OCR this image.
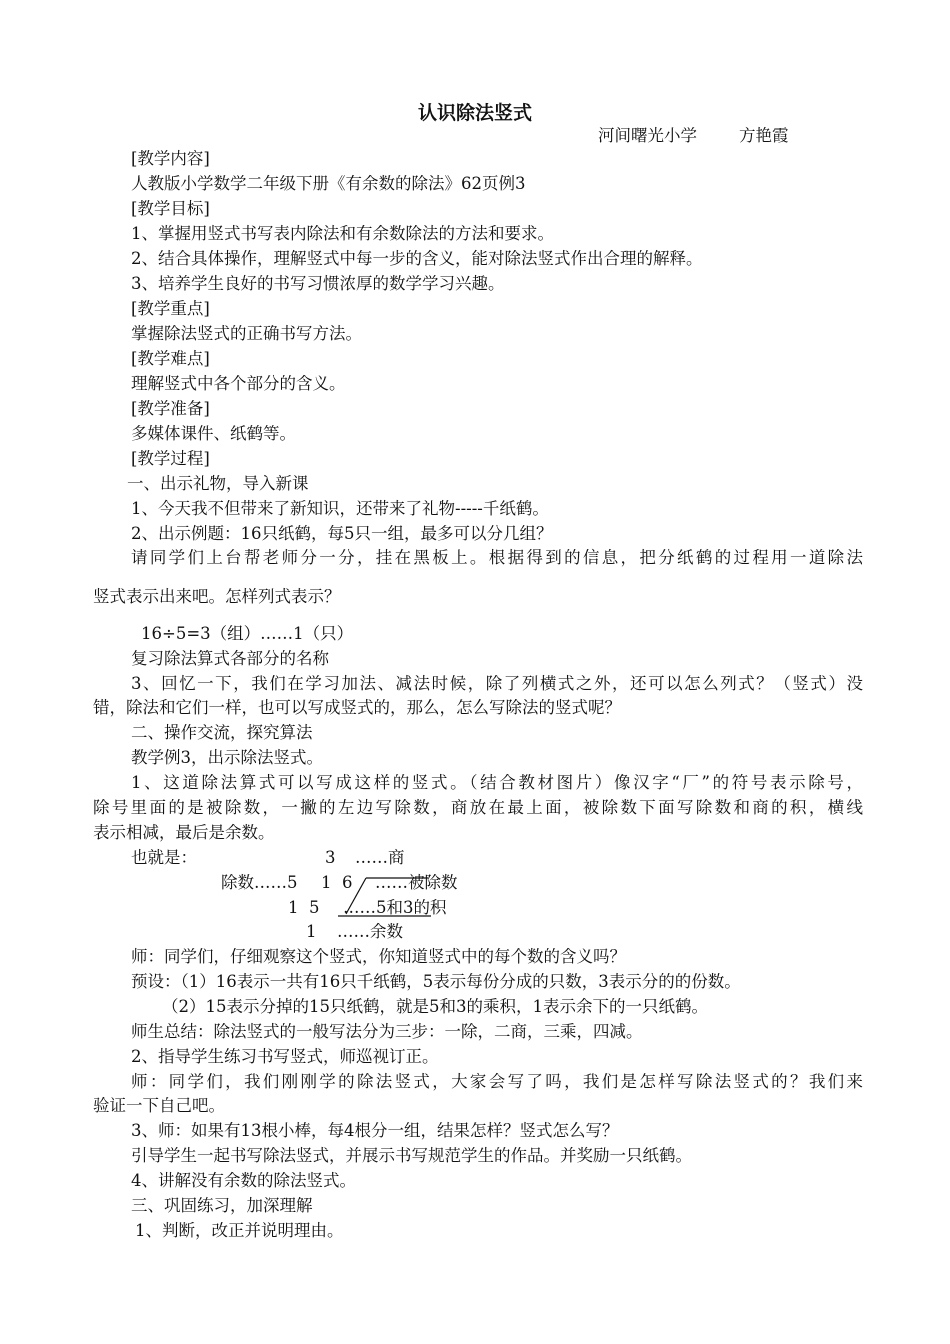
认识除法竖式
河间曙光小学        方艳霞
[教学内容]
人教版小学数学二年级下册《有余数的除法》62页例3
[教学目标]
1、掌握用竖式书写表内除法和有余数除法的方法和要求。
2、结合具体操作，理解竖式中每一步的含义，能对除法竖式作出合理的解释。
3、培养学生良好的书写习惯浓厚的数学学习兴趣。
[教学重点]
掌握除法竖式的正确书写方法。
[教学难点]
理解竖式中各个部分的含义。
[教学准备]
多媒体课件、纸鹤等。
[教学过程]
一、出示礼物，导入新课
1、今天我不但带来了新知识，还带来了礼物-----千纸鹤。
2、出示例题：16只纸鹤，每5只一组，最多可以分几组？
请同学们上台帮老师分一分，挂在黑板上。根据得到的信息，把分纸鹤的过程用一道除法
竖式表示出来吧。怎样列式表示？
16÷5=3（组）……1（只）
复习除法算式各部分的名称
3、回忆一下，我们在学习加法、减法时候，除了列横式之外，还可以怎么列式？（竖式）没
错，除法和它们一样，也可以写成竖式的，那么，怎么写除法的竖式呢？
二、操作交流，探究算法
教学例3，出示除法竖式。
1、这道除法算式可以写成这样的竖式。（结合教材图片）像汉字“厂”的符号表示除号，
除号里面的是被除数，一撇的左边写除数，商放在最上面，被除数下面写除数和商的积，横线
表示相减，最后是余数。
也就是：	3 ……商
除数……5 1  6 ……被除数
1  5 ……5和3的积
1 ……余数
师：同学们，仔细观察这个竖式，你知道竖式中的每个数的含义吗？
预设：（1）16表示一共有16只千纸鹤，5表示每份分成的只数，3表示分的的份数。
（2）15表示分掉的15只纸鹤，就是5和3的乘积，1表示余下的一只纸鹤。
师生总结：除法竖式的一般写法分为三步：一除，二商，三乘，四减。
2、指导学生练习书写竖式，师巡视订正。
师：同学们，我们刚刚学的除法竖式，大家会写了吗，我们是怎样写除法竖式的？我们来
验证一下自己吧。
3、师：如果有13根小棒，每4根分一组，结果怎样？竖式怎么写？
引导学生一起书写除法竖式，并展示书写规范学生的作品。并奖励一只纸鹤。
4、讲解没有余数的除法竖式。
三、巩固练习，加深理解
1、判断，改正并说明理由。
